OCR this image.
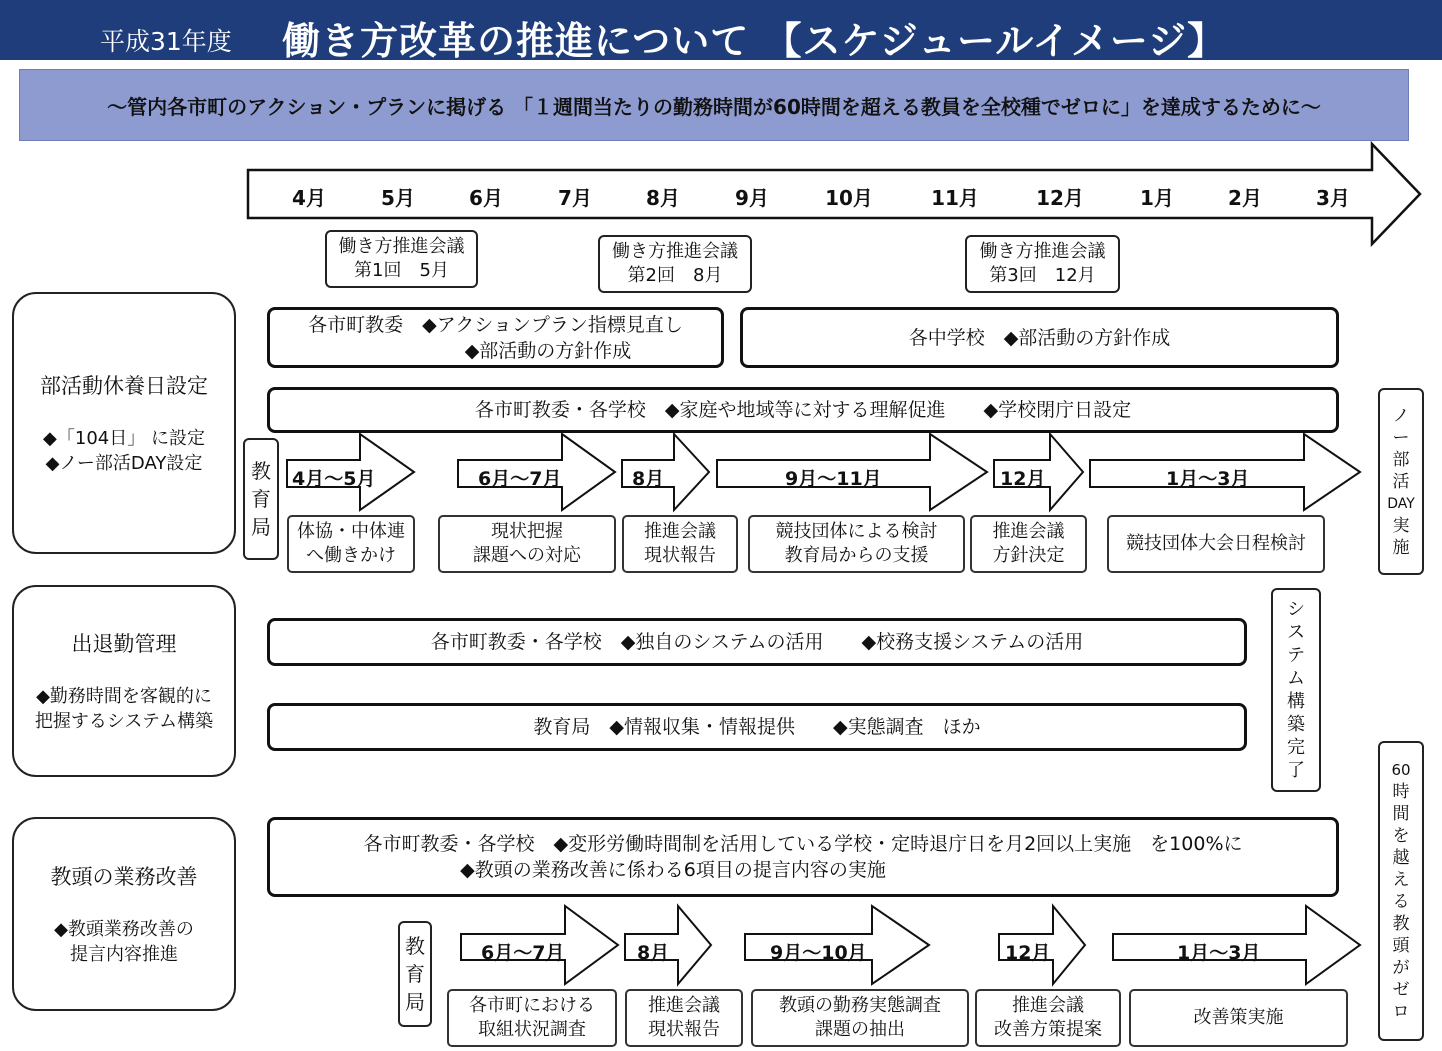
平成31年度 働き方改革の推進について 【スケジュールイメージ】
～管内各市町のアクション・プランに掲げる 「１週間当たりの勤務時間が60時間を超える教員を全校種でゼロに」を達成するために～
4月	5月	6月	7月	8月	9月	10月	11月	12月	1月	2月	3月
働き方推進会議
第1回　5月
働き方推進会議
第2回　8月
働き方推進会議
第3回　12月
部活動休養日設定
◆「104日」 に設定
◆ノー部活DAY設定
各市町教委　◆アクションプラン指標見直し
◆部活動の方針作成
各中学校　◆部活動の方針作成
各市町教委・各学校　◆家庭や地域等に対する理解促進　　◆学校閉庁日設定
教
育
局
4月～5月	6月～7月	8月	9月～11月	12月	1月～3月
体協・中体連
へ働きかけ
現状把握
課題への対応
推進会議
現状報告
競技団体による検討
教育局からの支援
推進会議
方針決定
競技団体大会日程検討
ノ
ー
部
活
DAY
実
施
出退勤管理
◆勤務時間を客観的に
把握するシステム構築
各市町教委・各学校　◆独自のシステムの活用　　◆校務支援システムの活用
教育局　◆情報収集・情報提供　　◆実態調査　ほか
シ
ス
テ
ム
構
築
完
了
教頭の業務改善
◆教頭業務改善の
提言内容推進
各市町教委・各学校　◆変形労働時間制を活用している学校・定時退庁日を月2回以上実施　を100%に
◆教頭の業務改善に係わる6項目の提言内容の実施
教
育
局
6月～7月	8月	9月～10月	12月	1月～3月
各市町における
取組状況調査
推進会議
現状報告
教頭の勤務実態調査
課題の抽出
推進会議
改善方策提案
改善策実施
60
時
間
を
越
え
る
教
頭
が
ゼ
ロ
